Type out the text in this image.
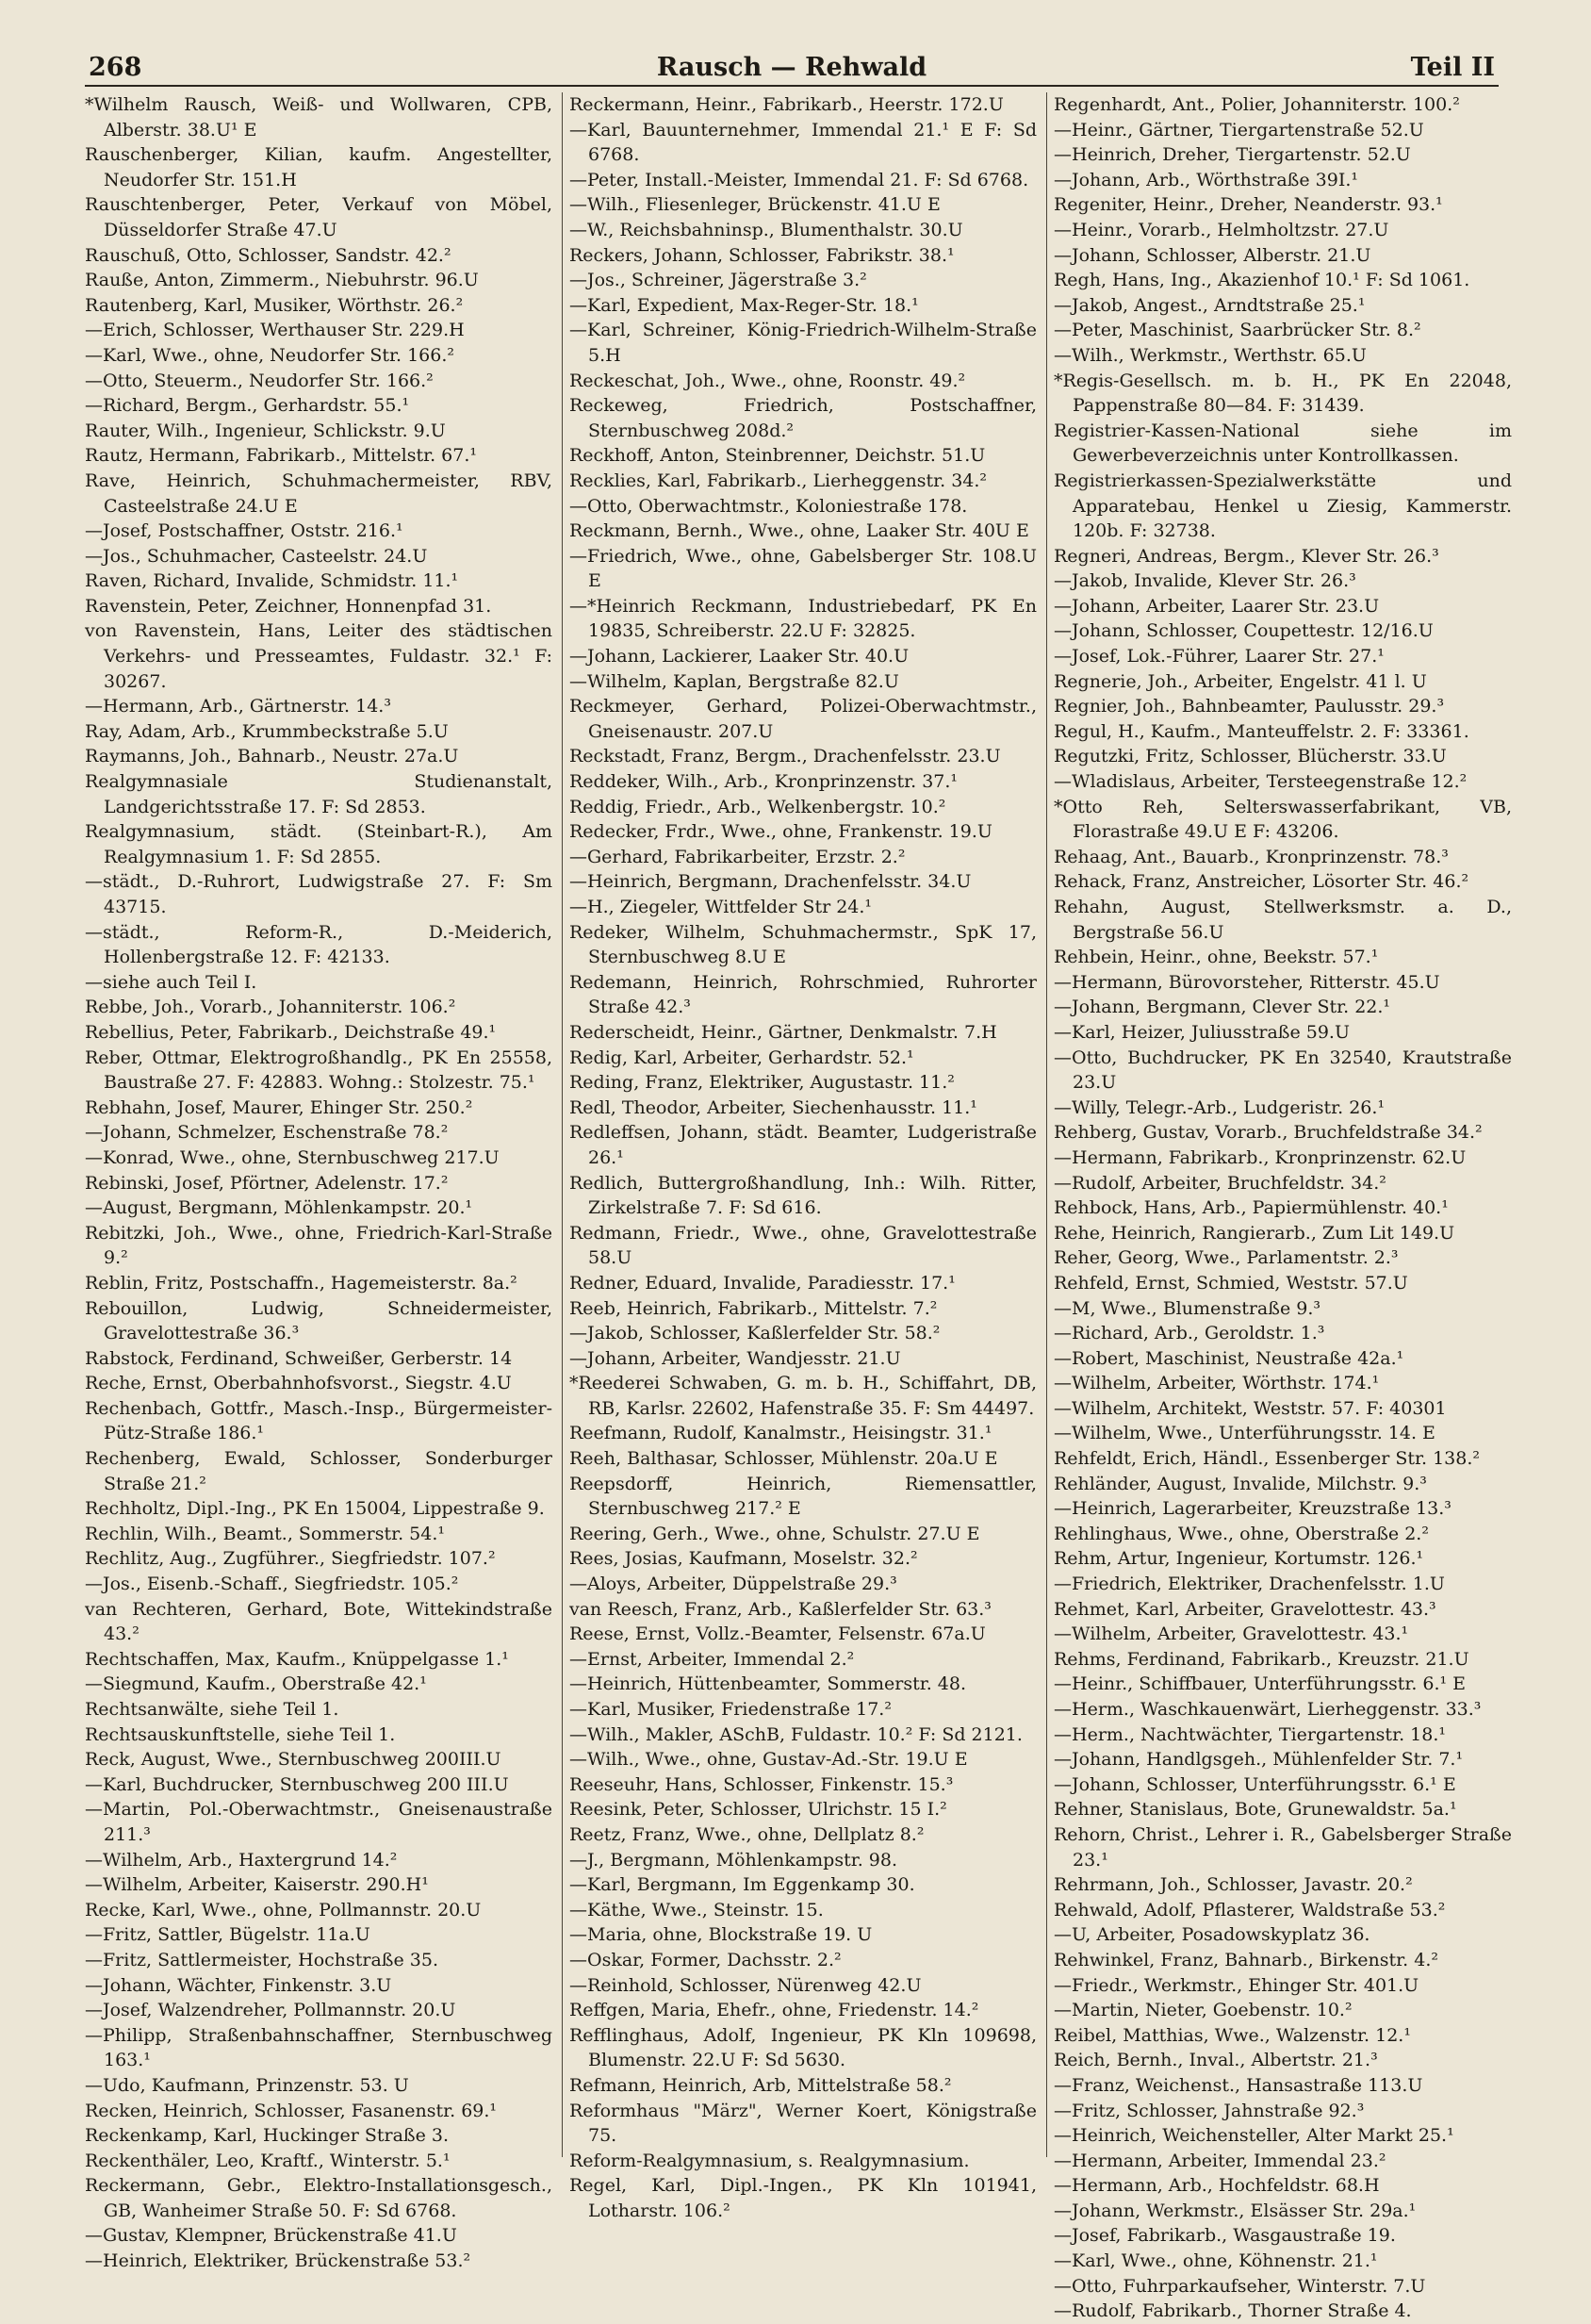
268	Rausch — Rehwald	Teil II

*Wilhelm Rausch, Weiß- und Wollwaren, CPB, Alberstr. 38.U¹ E

Rauschenberger, Kilian, kaufm. Angestellter, Neudorfer Str. 151.H

Rauschtenberger, Peter, Verkauf von Möbel, Düsseldorfer Straße 47.U

Rauschuß, Otto, Schlosser, Sandstr. 42.²

Rauße, Anton, Zimmerm., Niebuhrstr. 96.U

Rautenberg, Karl, Musiker, Wörthstr. 26.²

—Erich, Schlosser, Werthauser Str. 229.H

—Karl, Wwe., ohne, Neudorfer Str. 166.²

—Otto, Steuerm., Neudorfer Str. 166.²

—Richard, Bergm., Gerhardstr. 55.¹

Rauter, Wilh., Ingenieur, Schlickstr. 9.U

Rautz, Hermann, Fabrikarb., Mittelstr. 67.¹

Rave, Heinrich, Schuhmachermeister, RBV, Casteelstraße 24.U E

—Josef, Postschaffner, Oststr. 216.¹

—Jos., Schuhmacher, Casteelstr. 24.U

Raven, Richard, Invalide, Schmidstr. 11.¹

Ravenstein, Peter, Zeichner, Honnenpfad 31.

von Ravenstein, Hans, Leiter des städtischen Verkehrs- und Presseamtes, Fuldastr. 32.¹ F: 30267.

—Hermann, Arb., Gärtnerstr. 14.³

Ray, Adam, Arb., Krummbeckstraße 5.U

Raymanns, Joh., Bahnarb., Neustr. 27a.U

Realgymnasiale Studienanstalt, Landgerichtsstraße 17. F: Sd 2853.

Realgymnasium, städt. (Steinbart-R.), Am Realgymnasium 1. F: Sd 2855.

—städt., D.-Ruhrort, Ludwigstraße 27. F: Sm 43715.

—städt., Reform-R., D.-Meiderich, Hollenbergstraße 12. F: 42133.

—siehe auch Teil I.

Rebbe, Joh., Vorarb., Johanniterstr. 106.²

Rebellius, Peter, Fabrikarb., Deichstraße 49.¹

Reber, Ottmar, Elektrogroßhandlg., PK En 25558, Baustraße 27. F: 42883. Wohng.: Stolzestr. 75.¹

Rebhahn, Josef, Maurer, Ehinger Str. 250.²

—Johann, Schmelzer, Eschenstraße 78.²

—Konrad, Wwe., ohne, Sternbuschweg 217.U

Rebinski, Josef, Pförtner, Adelenstr. 17.²

—August, Bergmann, Möhlenkampstr. 20.¹

Rebitzki, Joh., Wwe., ohne, Friedrich-Karl-Straße 9.²

Reblin, Fritz, Postschaffn., Hagemeisterstr. 8a.²

Rebouillon, Ludwig, Schneidermeister, Gravelottestraße 36.³

Rabstock, Ferdinand, Schweißer, Gerberstr. 14

Reche, Ernst, Oberbahnhofsvorst., Siegstr. 4.U

Rechenbach, Gottfr., Masch.-Insp., Bürgermeister-Pütz-Straße 186.¹

Rechenberg, Ewald, Schlosser, Sonderburger Straße 21.²

Rechholtz, Dipl.-Ing., PK En 15004, Lippestraße 9.

Rechlin, Wilh., Beamt., Sommerstr. 54.¹

Rechlitz, Aug., Zugführer., Siegfriedstr. 107.²

—Jos., Eisenb.-Schaff., Siegfriedstr. 105.²

van Rechteren, Gerhard, Bote, Wittekindstraße 43.²

Rechtschaffen, Max, Kaufm., Knüppelgasse 1.¹

—Siegmund, Kaufm., Oberstraße 42.¹

Rechtsanwälte, siehe Teil 1.

Rechtsauskunftstelle, siehe Teil 1.

Reck, August, Wwe., Sternbuschweg 200III.U

—Karl, Buchdrucker, Sternbuschweg 200 III.U

—Martin, Pol.-Oberwachtmstr., Gneisenaustraße 211.³

—Wilhelm, Arb., Haxtergrund 14.²

—Wilhelm, Arbeiter, Kaiserstr. 290.H¹

Recke, Karl, Wwe., ohne, Pollmannstr. 20.U

—Fritz, Sattler, Bügelstr. 11a.U

—Fritz, Sattlermeister, Hochstraße 35.

—Johann, Wächter, Finkenstr. 3.U

—Josef, Walzendreher, Pollmannstr. 20.U

—Philipp, Straßenbahnschaffner, Sternbuschweg 163.¹

—Udo, Kaufmann, Prinzenstr. 53. U

Recken, Heinrich, Schlosser, Fasanenstr. 69.¹

Reckenkamp, Karl, Huckinger Straße 3.

Reckenthäler, Leo, Kraftf., Winterstr. 5.¹

Reckermann, Gebr., Elektro-Installationsgesch., GB, Wanheimer Straße 50. F: Sd 6768.

—Gustav, Klempner, Brückenstraße 41.U

—Heinrich, Elektriker, Brückenstraße 53.²

Reckermann, Heinr., Fabrikarb., Heerstr. 172.U

—Karl, Bauunternehmer, Immendal 21.¹ E F: Sd 6768.

—Peter, Install.-Meister, Immendal 21. F: Sd 6768.

—Wilh., Fliesenleger, Brückenstr. 41.U E

—W., Reichsbahninsp., Blumenthalstr. 30.U

Reckers, Johann, Schlosser, Fabrikstr. 38.¹

—Jos., Schreiner, Jägerstraße 3.²

—Karl, Expedient, Max-Reger-Str. 18.¹

—Karl, Schreiner, König-Friedrich-Wilhelm-Straße 5.H

Reckeschat, Joh., Wwe., ohne, Roonstr. 49.²

Reckeweg, Friedrich, Postschaffner, Sternbuschweg 208d.²

Reckhoff, Anton, Steinbrenner, Deichstr. 51.U

Recklies, Karl, Fabrikarb., Lierheggenstr. 34.²

—Otto, Oberwachtmstr., Koloniestraße 178.

Reckmann, Bernh., Wwe., ohne, Laaker Str. 40U E

—Friedrich, Wwe., ohne, Gabelsberger Str. 108.U E

—*Heinrich Reckmann, Industriebedarf, PK En 19835, Schreiberstr. 22.U F: 32825.

—Johann, Lackierer, Laaker Str. 40.U

—Wilhelm, Kaplan, Bergstraße 82.U

Reckmeyer, Gerhard, Polizei-Oberwachtmstr., Gneisenaustr. 207.U

Reckstadt, Franz, Bergm., Drachenfelsstr. 23.U

Reddeker, Wilh., Arb., Kronprinzenstr. 37.¹

Reddig, Friedr., Arb., Welkenbergstr. 10.²

Redecker, Frdr., Wwe., ohne, Frankenstr. 19.U

—Gerhard, Fabrikarbeiter, Erzstr. 2.²

—Heinrich, Bergmann, Drachenfelsstr. 34.U

—H., Ziegeler, Wittfelder Str 24.¹

Redeker, Wilhelm, Schuhmachermstr., SpK 17, Sternbuschweg 8.U E

Redemann, Heinrich, Rohrschmied, Ruhrorter Straße 42.³

Rederscheidt, Heinr., Gärtner, Denkmalstr. 7.H

Redig, Karl, Arbeiter, Gerhardstr. 52.¹

Reding, Franz, Elektriker, Augustastr. 11.²

Redl, Theodor, Arbeiter, Siechenhausstr. 11.¹

Redleffsen, Johann, städt. Beamter, Ludgeristraße 26.¹

Redlich, Buttergroßhandlung, Inh.: Wilh. Ritter, Zirkelstraße 7. F: Sd 616.

Redmann, Friedr., Wwe., ohne, Gravelottestraße 58.U

Redner, Eduard, Invalide, Paradiesstr. 17.¹

Reeb, Heinrich, Fabrikarb., Mittelstr. 7.²

—Jakob, Schlosser, Kaßlerfelder Str. 58.²

—Johann, Arbeiter, Wandjesstr. 21.U

*Reederei Schwaben, G. m. b. H., Schiffahrt, DB, RB, Karlsr. 22602, Hafenstraße 35. F: Sm 44497.

Reefmann, Rudolf, Kanalmstr., Heisingstr. 31.¹

Reeh, Balthasar, Schlosser, Mühlenstr. 20a.U E

Reepsdorff, Heinrich, Riemensattler, Sternbuschweg 217.² E

Reering, Gerh., Wwe., ohne, Schulstr. 27.U E

Rees, Josias, Kaufmann, Moselstr. 32.²

—Aloys, Arbeiter, Düppelstraße 29.³

van Reesch, Franz, Arb., Kaßlerfelder Str. 63.³

Reese, Ernst, Vollz.-Beamter, Felsenstr. 67a.U

—Ernst, Arbeiter, Immendal 2.²

—Heinrich, Hüttenbeamter, Sommerstr. 48.

—Karl, Musiker, Friedenstraße 17.²

—Wilh., Makler, ASchB, Fuldastr. 10.² F: Sd 2121.

—Wilh., Wwe., ohne, Gustav-Ad.-Str. 19.U E

Reeseuhr, Hans, Schlosser, Finkenstr. 15.³

Reesink, Peter, Schlosser, Ulrichstr. 15 I.²

Reetz, Franz, Wwe., ohne, Dellplatz 8.²

—J., Bergmann, Möhlenkampstr. 98.

—Karl, Bergmann, Im Eggenkamp 30.

—Käthe, Wwe., Steinstr. 15.

—Maria, ohne, Blockstraße 19. U

—Oskar, Former, Dachsstr. 2.²

—Reinhold, Schlosser, Nürenweg 42.U

Reffgen, Maria, Ehefr., ohne, Friedenstr. 14.²

Refflinghaus, Adolf, Ingenieur, PK Kln 109698, Blumenstr. 22.U F: Sd 5630.

Refmann, Heinrich, Arb, Mittelstraße 58.²

Reformhaus "März", Werner Koert, Königstraße 75.

Reform-Realgymnasium, s. Realgymnasium.

Regel, Karl, Dipl.-Ingen., PK Kln 101941, Lotharstr. 106.²

Regenhardt, Ant., Polier, Johanniterstr. 100.²

—Heinr., Gärtner, Tiergartenstraße 52.U

—Heinrich, Dreher, Tiergartenstr. 52.U

—Johann, Arb., Wörthstraße 39I.¹

Regeniter, Heinr., Dreher, Neanderstr. 93.¹

—Heinr., Vorarb., Helmholtzstr. 27.U

—Johann, Schlosser, Alberstr. 21.U

Regh, Hans, Ing., Akazienhof 10.¹ F: Sd 1061.

—Jakob, Angest., Arndtstraße 25.¹

—Peter, Maschinist, Saarbrücker Str. 8.²

—Wilh., Werkmstr., Werthstr. 65.U

*Regis-Gesellsch. m. b. H., PK En 22048, Pappenstraße 80—84. F: 31439.

Registrier-Kassen-National siehe im Gewerbeverzeichnis unter Kontrollkassen.

Registrierkassen-Spezialwerkstätte und Apparatebau, Henkel u Ziesig, Kammerstr. 120b. F: 32738.

Regneri, Andreas, Bergm., Klever Str. 26.³

—Jakob, Invalide, Klever Str. 26.³

—Johann, Arbeiter, Laarer Str. 23.U

—Johann, Schlosser, Coupettestr. 12/16.U

—Josef, Lok.-Führer, Laarer Str. 27.¹

Regnerie, Joh., Arbeiter, Engelstr. 41 l. U

Regnier, Joh., Bahnbeamter, Paulusstr. 29.³

Regul, H., Kaufm., Manteuffelstr. 2. F: 33361.

Regutzki, Fritz, Schlosser, Blücherstr. 33.U

—Wladislaus, Arbeiter, Tersteegenstraße 12.²

*Otto Reh, Selterswasserfabrikant, VB, Florastraße 49.U E F: 43206.

Rehaag, Ant., Bauarb., Kronprinzenstr. 78.³

Rehack, Franz, Anstreicher, Lösorter Str. 46.²

Rehahn, August, Stellwerksmstr. a. D., Bergstraße 56.U

Rehbein, Heinr., ohne, Beekstr. 57.¹

—Hermann, Bürovorsteher, Ritterstr. 45.U

—Johann, Bergmann, Clever Str. 22.¹

—Karl, Heizer, Juliusstraße 59.U

—Otto, Buchdrucker, PK En 32540, Krautstraße 23.U

—Willy, Telegr.-Arb., Ludgeristr. 26.¹

Rehberg, Gustav, Vorarb., Bruchfeldstraße 34.²

—Hermann, Fabrikarb., Kronprinzenstr. 62.U

—Rudolf, Arbeiter, Bruchfeldstr. 34.²

Rehbock, Hans, Arb., Papiermühlenstr. 40.¹

Rehe, Heinrich, Rangierarb., Zum Lit 149.U

Reher, Georg, Wwe., Parlamentstr. 2.³

Rehfeld, Ernst, Schmied, Weststr. 57.U

—M, Wwe., Blumenstraße 9.³

—Richard, Arb., Geroldstr. 1.³

—Robert, Maschinist, Neustraße 42a.¹

—Wilhelm, Arbeiter, Wörthstr. 174.¹

—Wilhelm, Architekt, Weststr. 57. F: 40301

—Wilhelm, Wwe., Unterführungsstr. 14. E

Rehfeldt, Erich, Händl., Essenberger Str. 138.²

Rehländer, August, Invalide, Milchstr. 9.³

—Heinrich, Lagerarbeiter, Kreuzstraße 13.³

Rehlinghaus, Wwe., ohne, Oberstraße 2.²

Rehm, Artur, Ingenieur, Kortumstr. 126.¹

—Friedrich, Elektriker, Drachenfelsstr. 1.U

Rehmet, Karl, Arbeiter, Gravelottestr. 43.³

—Wilhelm, Arbeiter, Gravelottestr. 43.¹

Rehms, Ferdinand, Fabrikarb., Kreuzstr. 21.U

—Heinr., Schiffbauer, Unterführungsstr. 6.¹ E

—Herm., Waschkauenwärt, Lierheggenstr. 33.³

—Herm., Nachtwächter, Tiergartenstr. 18.¹

—Johann, Handlgsgeh., Mühlenfelder Str. 7.¹

—Johann, Schlosser, Unterführungsstr. 6.¹ E

Rehner, Stanislaus, Bote, Grunewaldstr. 5a.¹

Rehorn, Christ., Lehrer i. R., Gabelsberger Straße 23.¹

Rehrmann, Joh., Schlosser, Javastr. 20.²

Rehwald, Adolf, Pflasterer, Waldstraße 53.²

—U, Arbeiter, Posadowskyplatz 36.

Rehwinkel, Franz, Bahnarb., Birkenstr. 4.²

—Friedr., Werkmstr., Ehinger Str. 401.U

—Martin, Nieter, Goebenstr. 10.²

Reibel, Matthias, Wwe., Walzenstr. 12.¹

Reich, Bernh., Inval., Albertstr. 21.³

—Franz, Weichenst., Hansastraße 113.U

—Fritz, Schlosser, Jahnstraße 92.³

—Heinrich, Weichensteller, Alter Markt 25.¹

—Hermann, Arbeiter, Immendal 23.²

—Hermann, Arb., Hochfeldstr. 68.H

—Johann, Werkmstr., Elsässer Str. 29a.¹

—Josef, Fabrikarb., Wasgaustraße 19.

—Karl, Wwe., ohne, Köhnenstr. 21.¹

—Otto, Fuhrparkaufseher, Winterstr. 7.U

—Rudolf, Fabrikarb., Thorner Straße 4.
